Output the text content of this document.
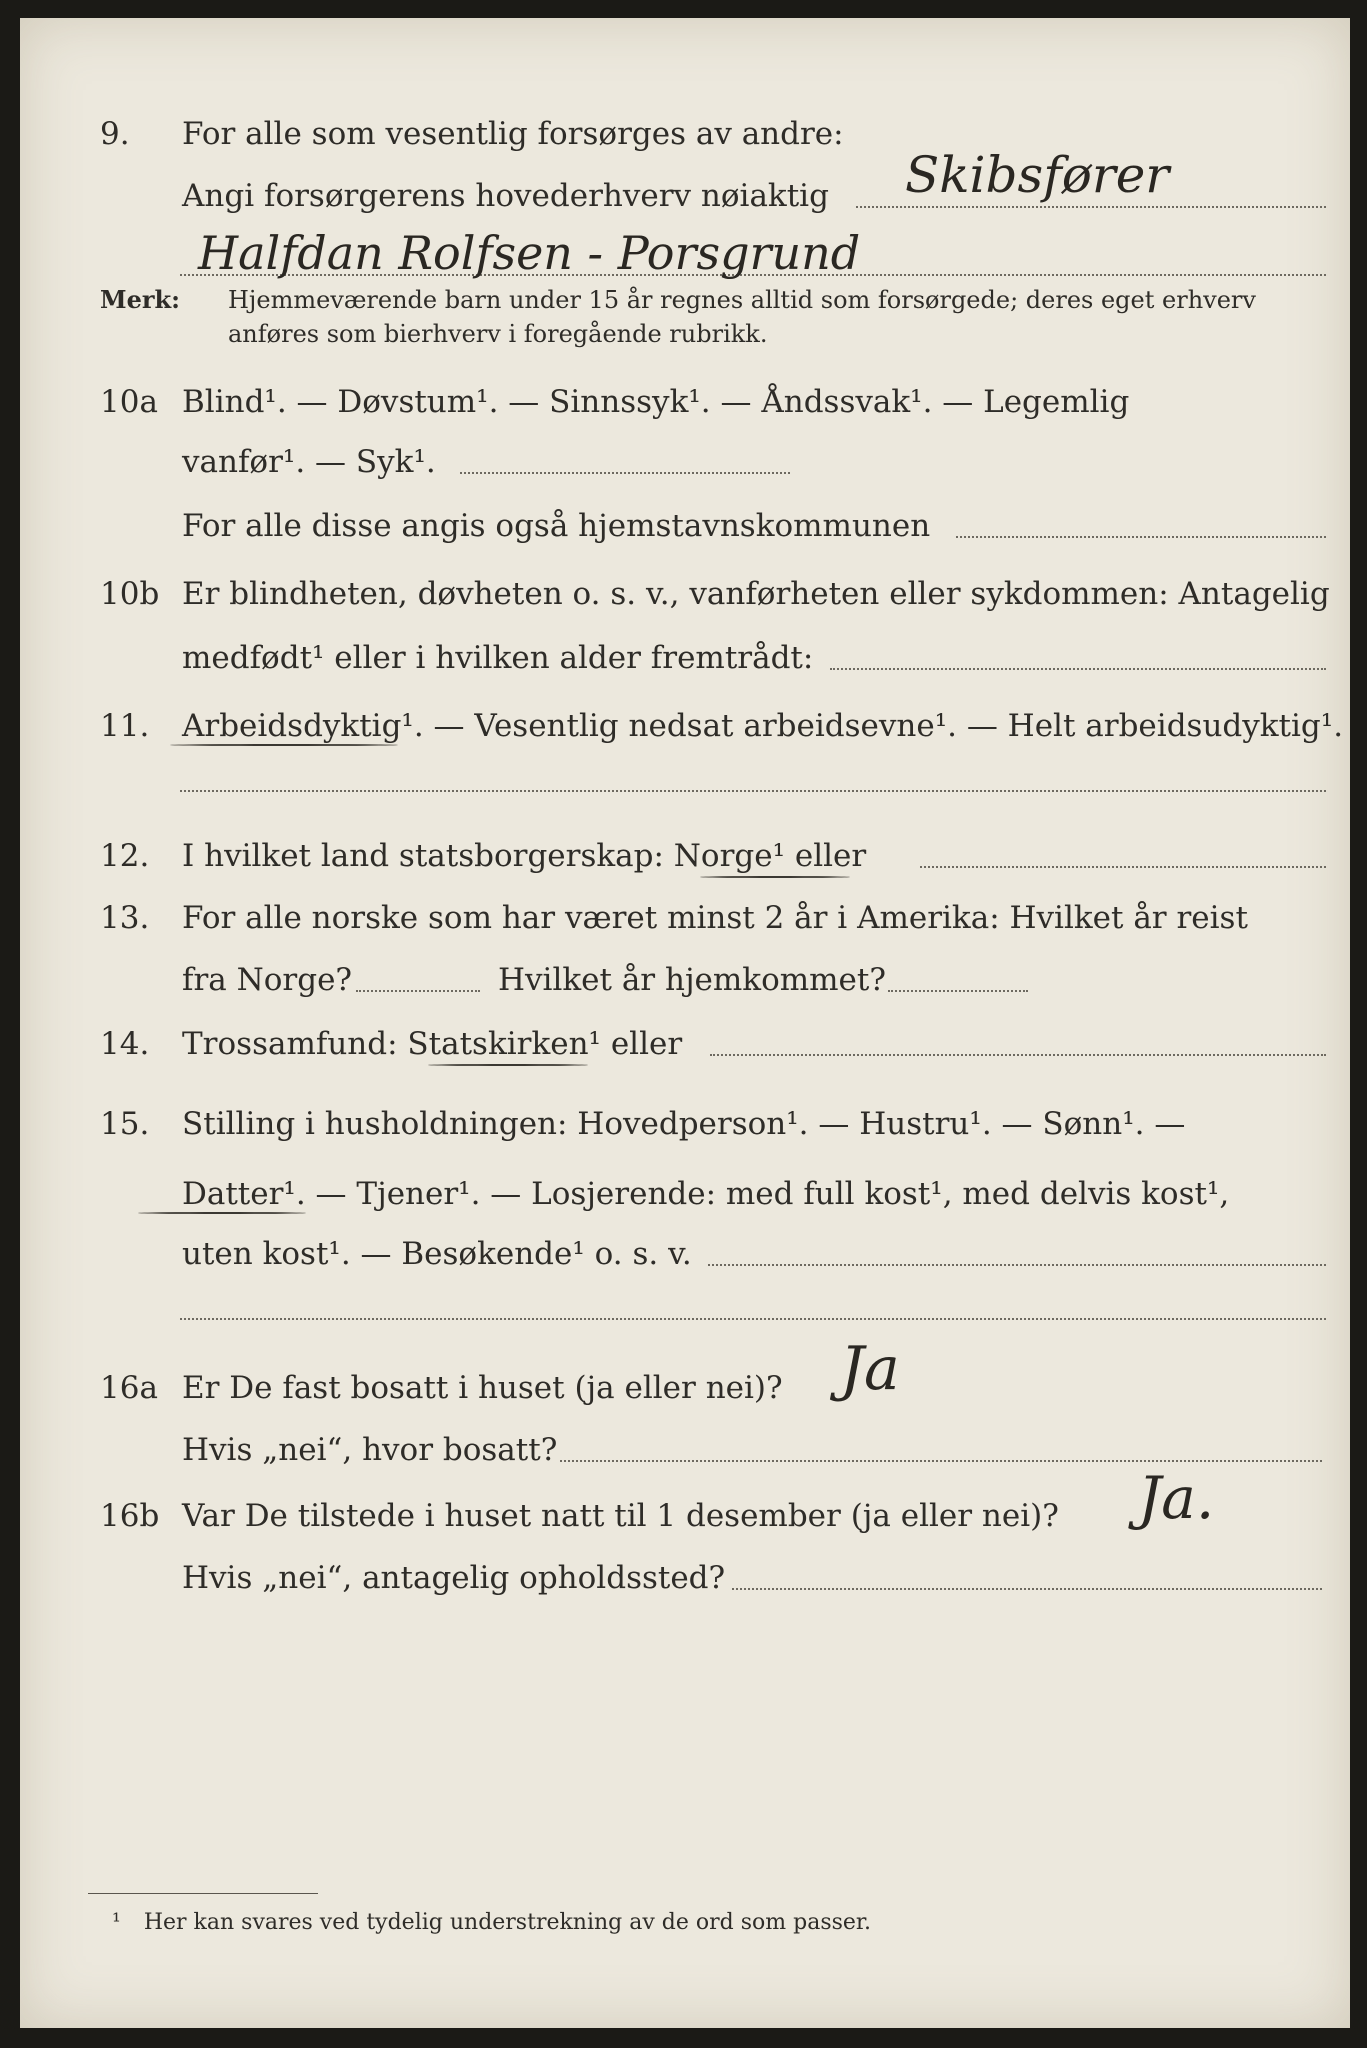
9. For alle som vesentlig forsørges av andre:
Angi forsørgerens hovederhverv nøiaktig Skibsfører
Halfdan Rolfsen - Porsgrund
Merk: Hjemmeværende barn under 15 år regnes alltid som forsørgede; deres eget erhverv
anføres som bierhverv i foregående rubrikk.
10a Blind¹. — Døvstum¹. — Sinnssyk¹. — Åndssvak¹. — Legemlig
vanfør¹. — Syk¹.
For alle disse angis også hjemstavnskommunen
10b Er blindheten, døvheten o. s. v., vanførheten eller sykdommen: Antagelig
medfødt¹ eller i hvilken alder fremtrådt:
11. Arbeidsdyktig¹. — Vesentlig nedsat arbeidsevne¹. — Helt arbeidsudyktig¹.
12. I hvilket land statsborgerskap: Norge¹ eller
13. For alle norske som har været minst 2 år i Amerika: Hvilket år reist
fra Norge?	Hvilket år hjemkommet?
14. Trossamfund: Statskirken¹ eller
15. Stilling i husholdningen: Hovedperson¹. — Hustru¹. — Sønn¹. —
Datter¹. — Tjener¹. — Losjerende: med full kost¹, med delvis kost¹,
uten kost¹. — Besøkende¹ o. s. v.
16a Er De fast bosatt i huset (ja eller nei)? Ja
Hvis „nei“, hvor bosatt?
16b Var De tilstede i huset natt til 1 desember (ja eller nei)? Ja.
Hvis „nei“, antagelig opholdssted?
¹ Her kan svares ved tydelig understrekning av de ord som passer.
